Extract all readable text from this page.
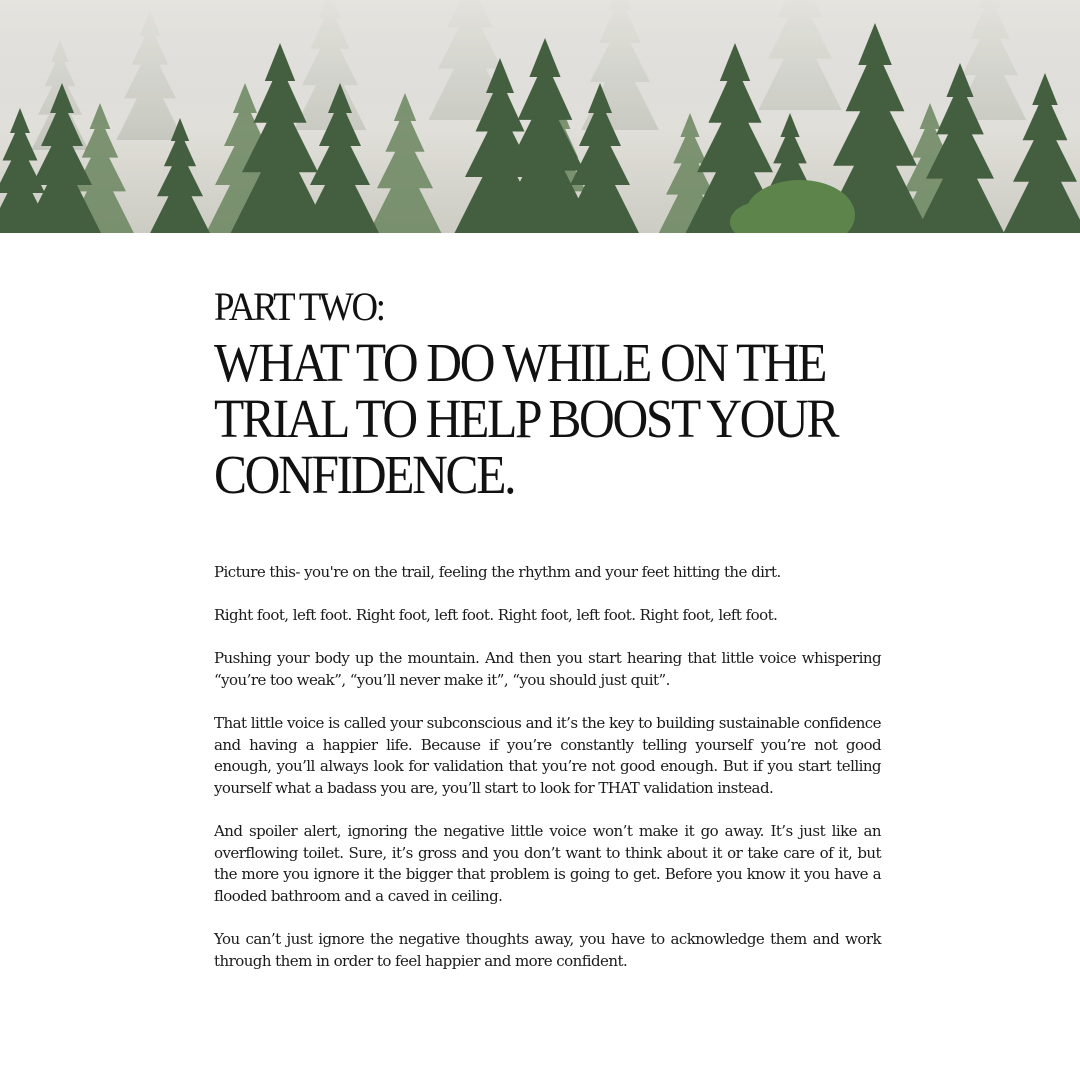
PART TWO:
WHAT TO DO WHILE ON THE TRIAL TO HELP BOOST YOUR CONFIDENCE.

Picture this- you're on the trail, feeling the rhythm and your feet hitting the dirt.

Right foot, left foot. Right foot, left foot. Right foot, left foot. Right foot, left foot.

Pushing your body up the mountain. And then you start hearing that little voice whispering “you’re too weak”, “you’ll never make it”, “you should just quit”.

That little voice is called your subconscious and it’s the key to building sustainable confidence and having a happier life. Because if you’re constantly telling yourself you’re not good enough, you’ll always look for validation that you’re not good enough. But if you start telling yourself what a badass you are, you’ll start to look for THAT validation instead.

And spoiler alert, ignoring the negative little voice won’t make it go away. It’s just like an overflowing toilet. Sure, it’s gross and you don’t want to think about it or take care of it, but the more you ignore it the bigger that problem is going to get. Before you know it you have a flooded bathroom and a caved in ceiling.

You can’t just ignore the negative thoughts away, you have to acknowledge them and work through them in order to feel happier and more confident.
